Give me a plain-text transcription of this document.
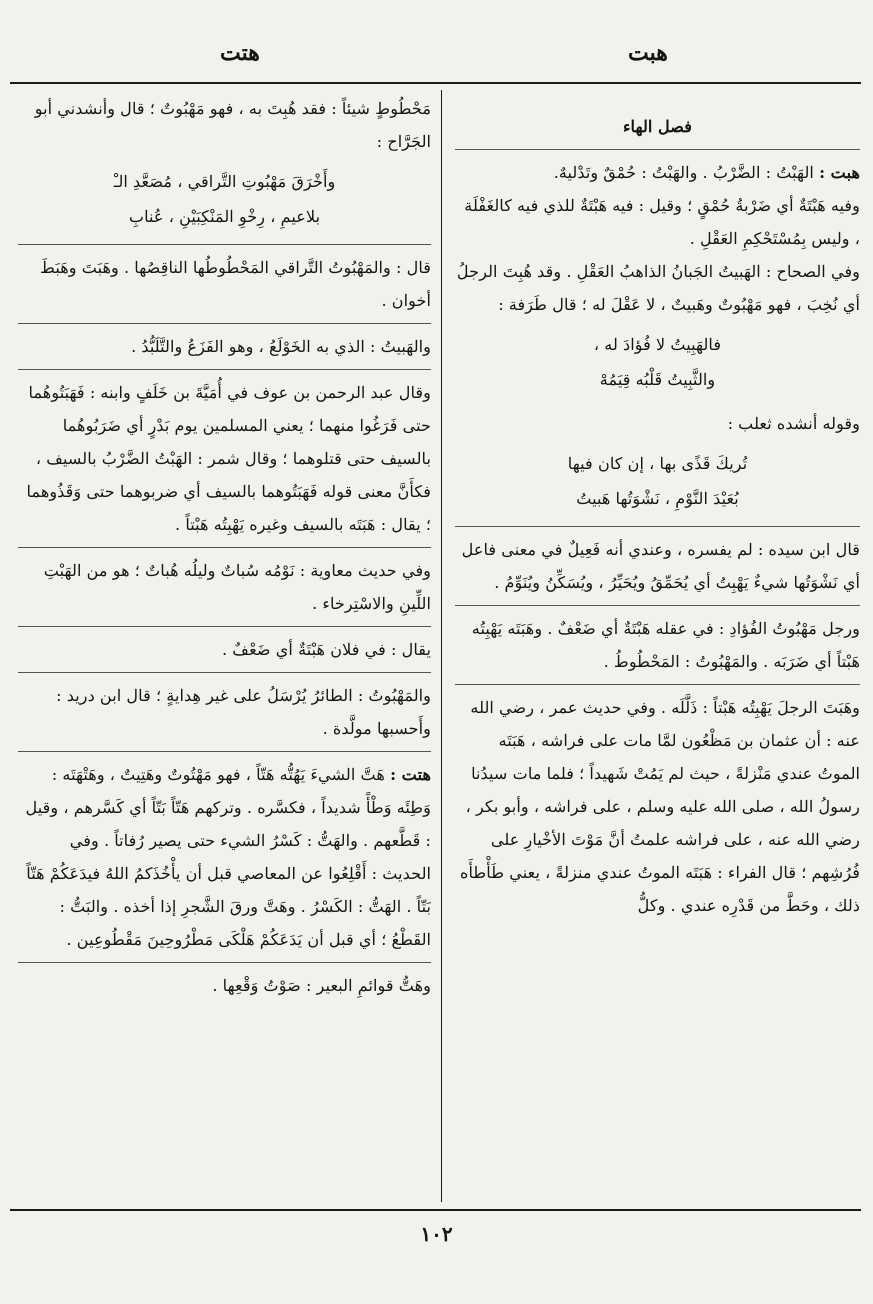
هتت	هبت
فصل الهاء

هبت : الهَبْتُ : الضَّرْبُ . والهَبْتُ : حُمْقٌ وتَدْليهٌ.

وفيه هَبْتَةٌ أي ضَرْبةُ حُمْقٍ ؛ وقيل : فيه هَبْتَةٌ للذي فيه كالغَفْلَة ، وليس بِمُسْتَحْكِمِ العَقْلِ .

وفي الصحاح : الهَبيتُ الجَبانُ الذاهبُ العَقْلِ . وقد هُبِتَ الرجلُ أي نُخِبَ ، فهو مَهْبُوتٌ وهَبيتٌ ، لا عَقْلَ له ؛ قال طَرَفة :

فالهَبِيتُ لا فُؤادَ له ،
والثَّبِيتُ قَلْبُه قِيَمُهْ

وقوله أنشده ثعلب :

تُريكَ قَذًى بها ، إن كان فيها
بُعَيْدَ النَّوْمِ ، نَشْوَتُها هَبيتُ

قال ابن سيده : لم يفسره ، وعندي أنه فَعِيلٌ في معنى فاعل أي نَشْوَتُها شيءٌ يَهْبِتُ أي يُحَمِّقُ ويُحَيِّرُ ، ويُسَكِّنُ ويُنَوِّمُ .

ورجل مَهْبُوتُ الفُؤادِ : في عقله هَبْتَةٌ أي ضَعْفٌ . وهَبَتَه يَهْبِتُه هَبْتاً أي ضَرَبَه . والمَهْبُوتُ : المَحْطُوطُ .

وهَبَتَ الرجلَ يَهْبِتُه هَبْتاً : ذَلَّلَه . وفي حديث عمر ، رضي الله عنه : أن عثمان بن مَظْعُون لمَّا مات على فراشه ، هَبَتَه الموتُ عندي مَنْزلةً ، حيث لم يَمُتْ شَهيداً ؛ فلما مات سيدُنا رسولُ الله ، صلى الله عليه وسلم ، على فراشه ، وأبو بكر ، رضي الله عنه ، على فراشه علمتُ أنَّ مَوْتَ الأخْيارِ على فُرُشِهم ؛ قال الفراء : هَبَتَه الموتُ عندي منزلةً ، يعني طَأْطأَه ذلك ، وحَطَّ من قَدْرِه عندي . وكلُّ

مَحْطُوطٍ شيئاً : فقد هُبِتَ به ، فهو مَهْبُوتٌ ؛ قال وأنشدني أبو الجَرَّاح :

وأَخْرَقَ مَهْبُوتِ التَّراقي ، مُصَعَّدِ الـْ
بلاعيمِ ، رِخْوِ المَنْكِبَيْنِ ، عُنابِ

قال : والمَهْبُوتُ التَّراقي المَحْطُوطُها الناقِصُها . وهَبَتَ وهَبَطَ أخوان .

والهَبيتُ : الذي به الخَوْلَعُ ، وهو الفَزَعُ والتَّلَبُّدُ .

وقال عبد الرحمن بن عوف في أُمَيَّةَ بن خَلَفٍ وابنه : فَهَبَتُوهُما حتى فَرَغُوا منهما ؛ يعني المسلمين يوم بَدْرٍ أي ضَرَبُوهُما بالسيف حتى قتلوهما ؛ وقال شمر : الهَبْتُ الضَّرْبُ بالسيف ، فكأَنَّ معنى قوله فَهَبَتُوهما بالسيف أي ضربوهما حتى وَقَذُوهما ؛ يقال : هَبَتَه بالسيف وغيره يَهْبِتُه هَبْتاً .

وفي حديث معاوية : نَوْمُه سُباتٌ وليلُه هُباتٌ ؛ هو من الهَبْتِ اللِّينِ والاسْتِرخاء .

يقال : في فلان هَبْتَةٌ أي ضَعْفٌ .

والمَهْبُوتُ : الطائرُ يُرْسَلُ على غير هِدايةٍ ؛ قال ابن دريد : وأَحسبها مولَّدة .

هتت : هَتَّ الشيءَ يَهُتُّه هَتّاً ، فهو مَهْتُوتٌ وهَتِيتٌ ، وهَتْهَتَه : وَطِئَه وَطْأً شديداً ، فكسَّره . وتركهم هَتّاً بَتّاً أي كَسَّرهم ، وقيل : قَطَّعهم . والهَتُّ : كَسْرُ الشيء حتى يصير رُفاتاً . وفي الحديث : أَقْلِعُوا عن المعاصي قبل أن يأْخُذَكمُ اللهُ فيدَعَكُمْ هَتّاً بَتّاً . الهَتُّ : الكَسْرُ . وهَتَّ ورقَ الشَّجرِ إذا أخذه . والبَتُّ : القَطْعُ ؛ أي قبل أن يَدَعَكُمْ هَلْكَى مَطْرُوحِينَ مَقْطُوعِين .

وهَتُّ قوائمِ البعير : صَوْتُ وَقْعِها .

١٠٢
